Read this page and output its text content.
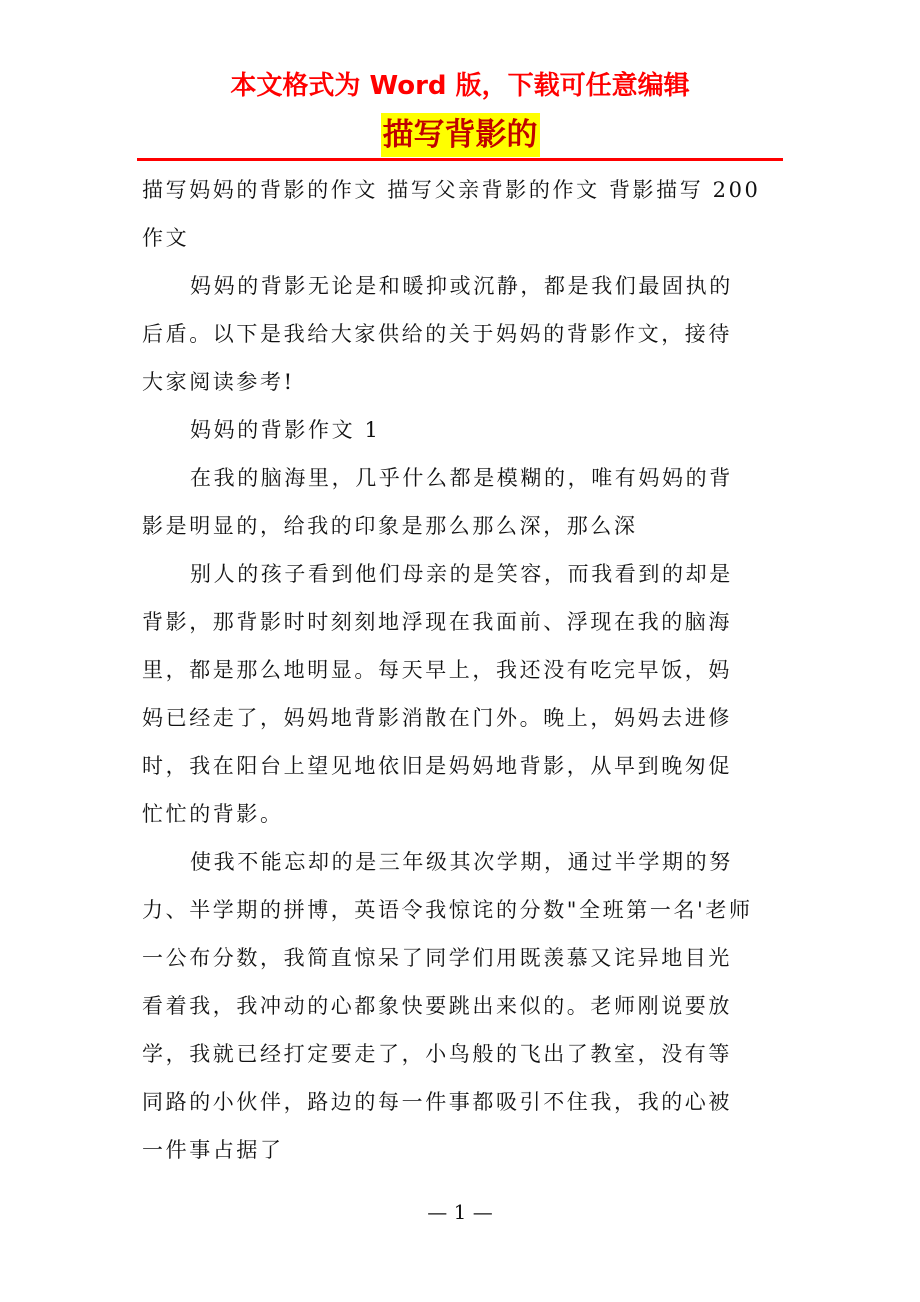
本文格式为 Word 版，下载可任意编辑
描写背影的
描写妈妈的背影的作文 描写父亲背影的作文 背影描写 200
作文
妈妈的背影无论是和暖抑或沉静，都是我们最固执的
后盾。以下是我给大家供给的关于妈妈的背影作文，接待
大家阅读参考!
妈妈的背影作文 1
在我的脑海里，几乎什么都是模糊的，唯有妈妈的背
影是明显的，给我的印象是那么那么深，那么深
别人的孩子看到他们母亲的是笑容，而我看到的却是
背影，那背影时时刻刻地浮现在我面前、浮现在我的脑海
里，都是那么地明显。每天早上，我还没有吃完早饭，妈
妈已经走了，妈妈地背影消散在门外。晚上，妈妈去进修
时，我在阳台上望见地依旧是妈妈地背影，从早到晚匆促
忙忙的背影。
使我不能忘却的是三年级其次学期，通过半学期的努
力、半学期的拼博，英语令我惊诧的分数"全班第一名'老师
一公布分数，我简直惊呆了同学们用既羡慕又诧异地目光
看着我，我冲动的心都象快要跳出来似的。老师刚说要放
学，我就已经打定要走了，小鸟般的飞出了教室，没有等
同路的小伙伴，路边的每一件事都吸引不住我，我的心被
一件事占据了
— 1 —
